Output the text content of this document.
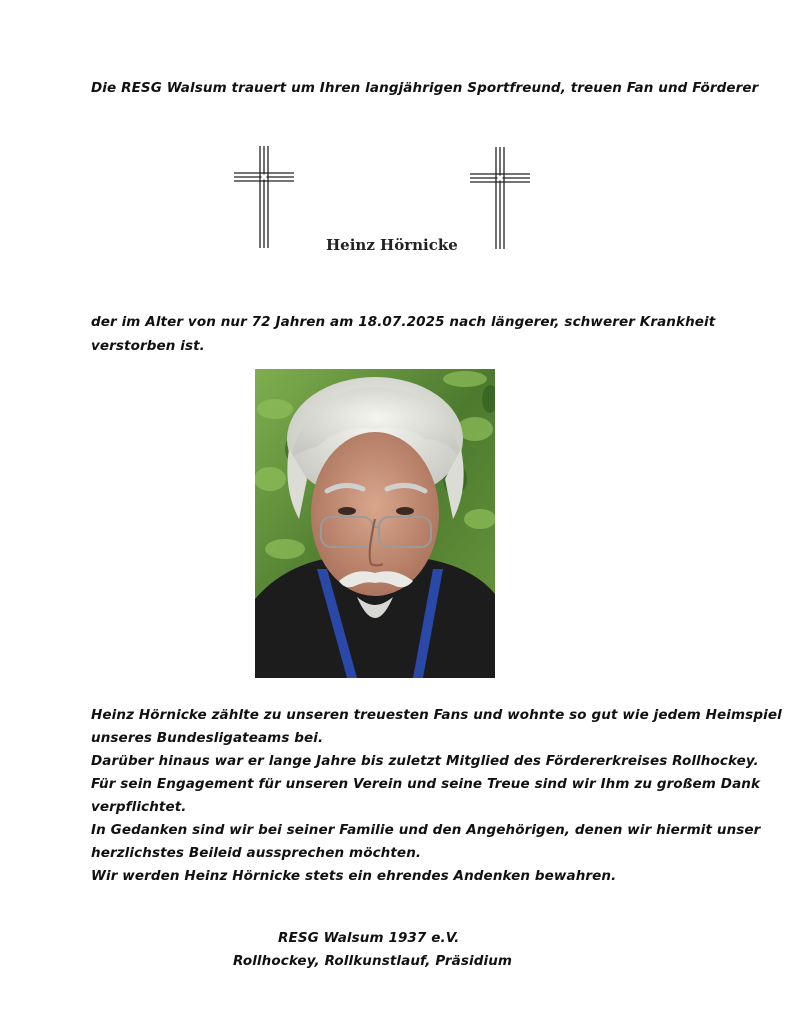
Die RESG Walsum trauert um Ihren langjährigen Sportfreund, treuen Fan und Förderer
Heinz Hörnicke
der im Alter von nur 72 Jahren am 18.07.2025 nach längerer, schwerer Krankheit
verstorben ist.
Heinz Hörnicke zählte zu unseren treuesten Fans und wohnte so gut wie jedem Heimspiel
unseres Bundesligateams bei.
Darüber hinaus war er lange Jahre bis zuletzt Mitglied des Fördererkreises Rollhockey.
Für sein Engagement für unseren Verein und seine Treue sind wir Ihm zu großem Dank
verpflichtet.
In Gedanken sind wir bei seiner Familie und den Angehörigen, denen wir hiermit unser
herzlichstes Beileid aussprechen möchten.
Wir werden Heinz Hörnicke stets ein ehrendes Andenken bewahren.
RESG Walsum 1937 e.V.
Rollhockey, Rollkunstlauf, Präsidium
